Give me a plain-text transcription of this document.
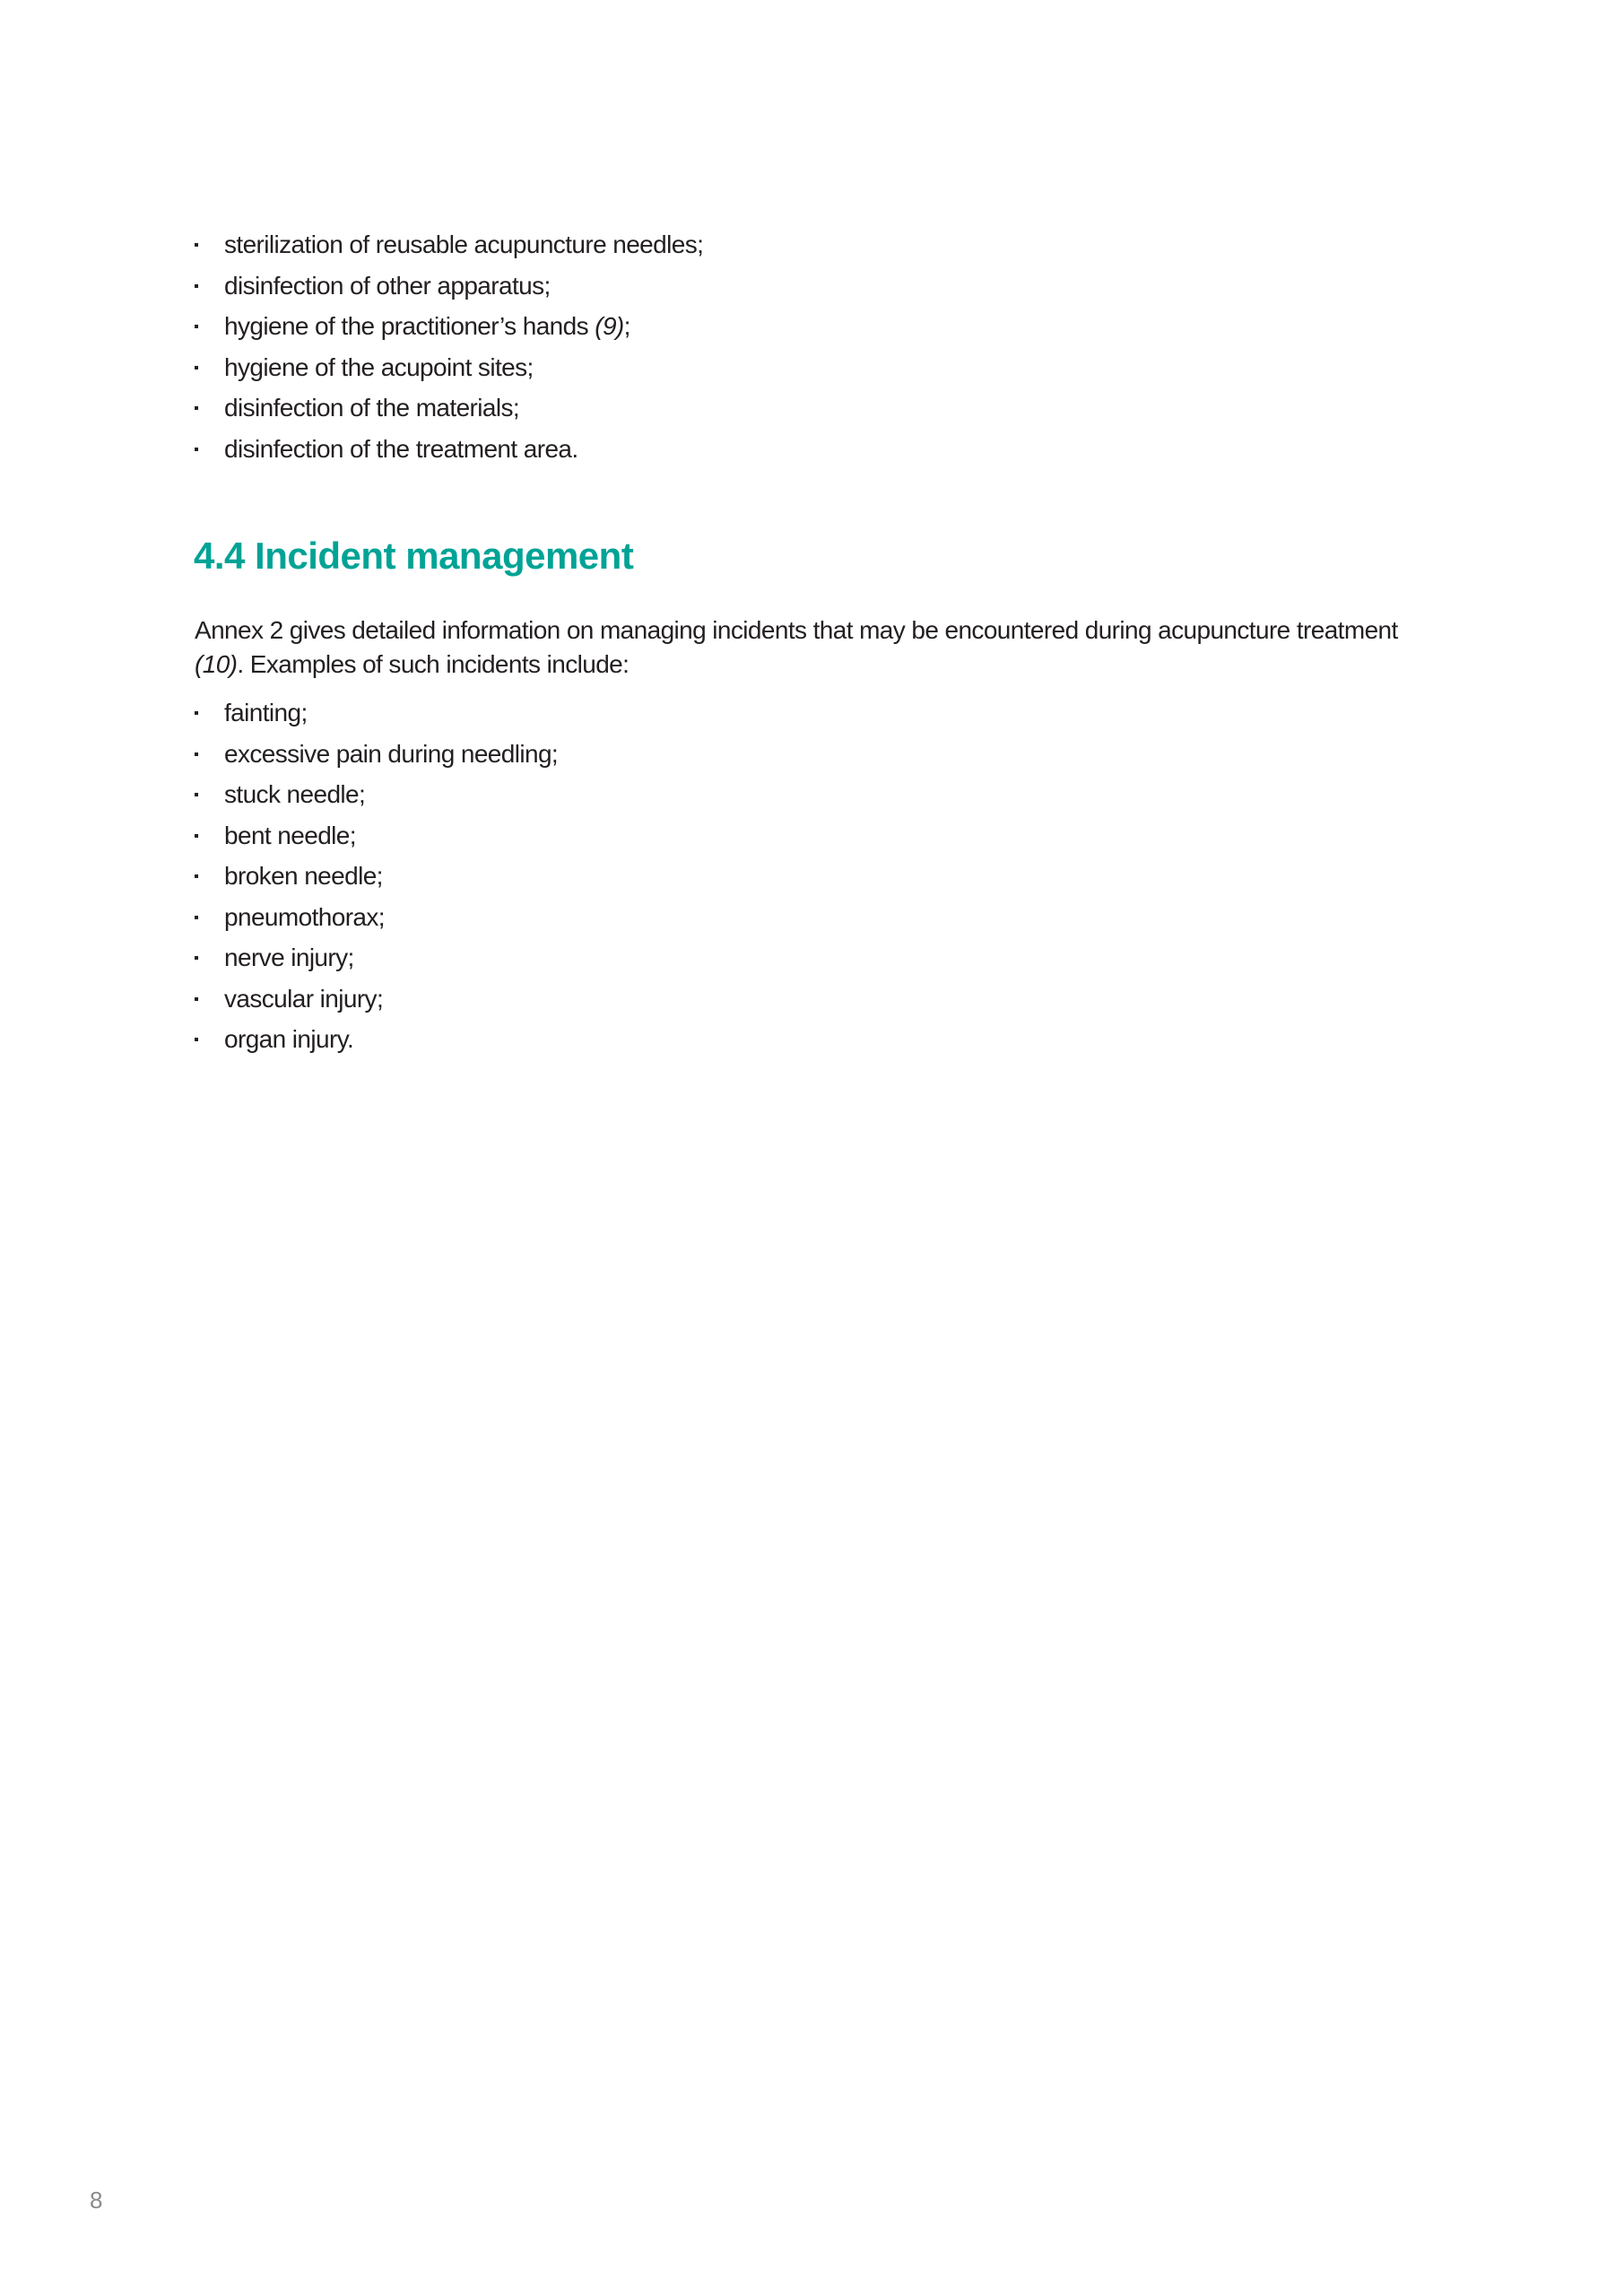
sterilization of reusable acupuncture needles;
disinfection of other apparatus;
hygiene of the practitioner’s hands (9);
hygiene of the acupoint sites;
disinfection of the materials;
disinfection of the treatment area.
4.4 Incident management

Annex 2 gives detailed information on managing incidents that may be encountered during acupuncture treatment (10). Examples of such incidents include:

fainting;
excessive pain during needling;
stuck needle;
bent needle;
broken needle;
pneumothorax;
nerve injury;
vascular injury;
organ injury.
8
